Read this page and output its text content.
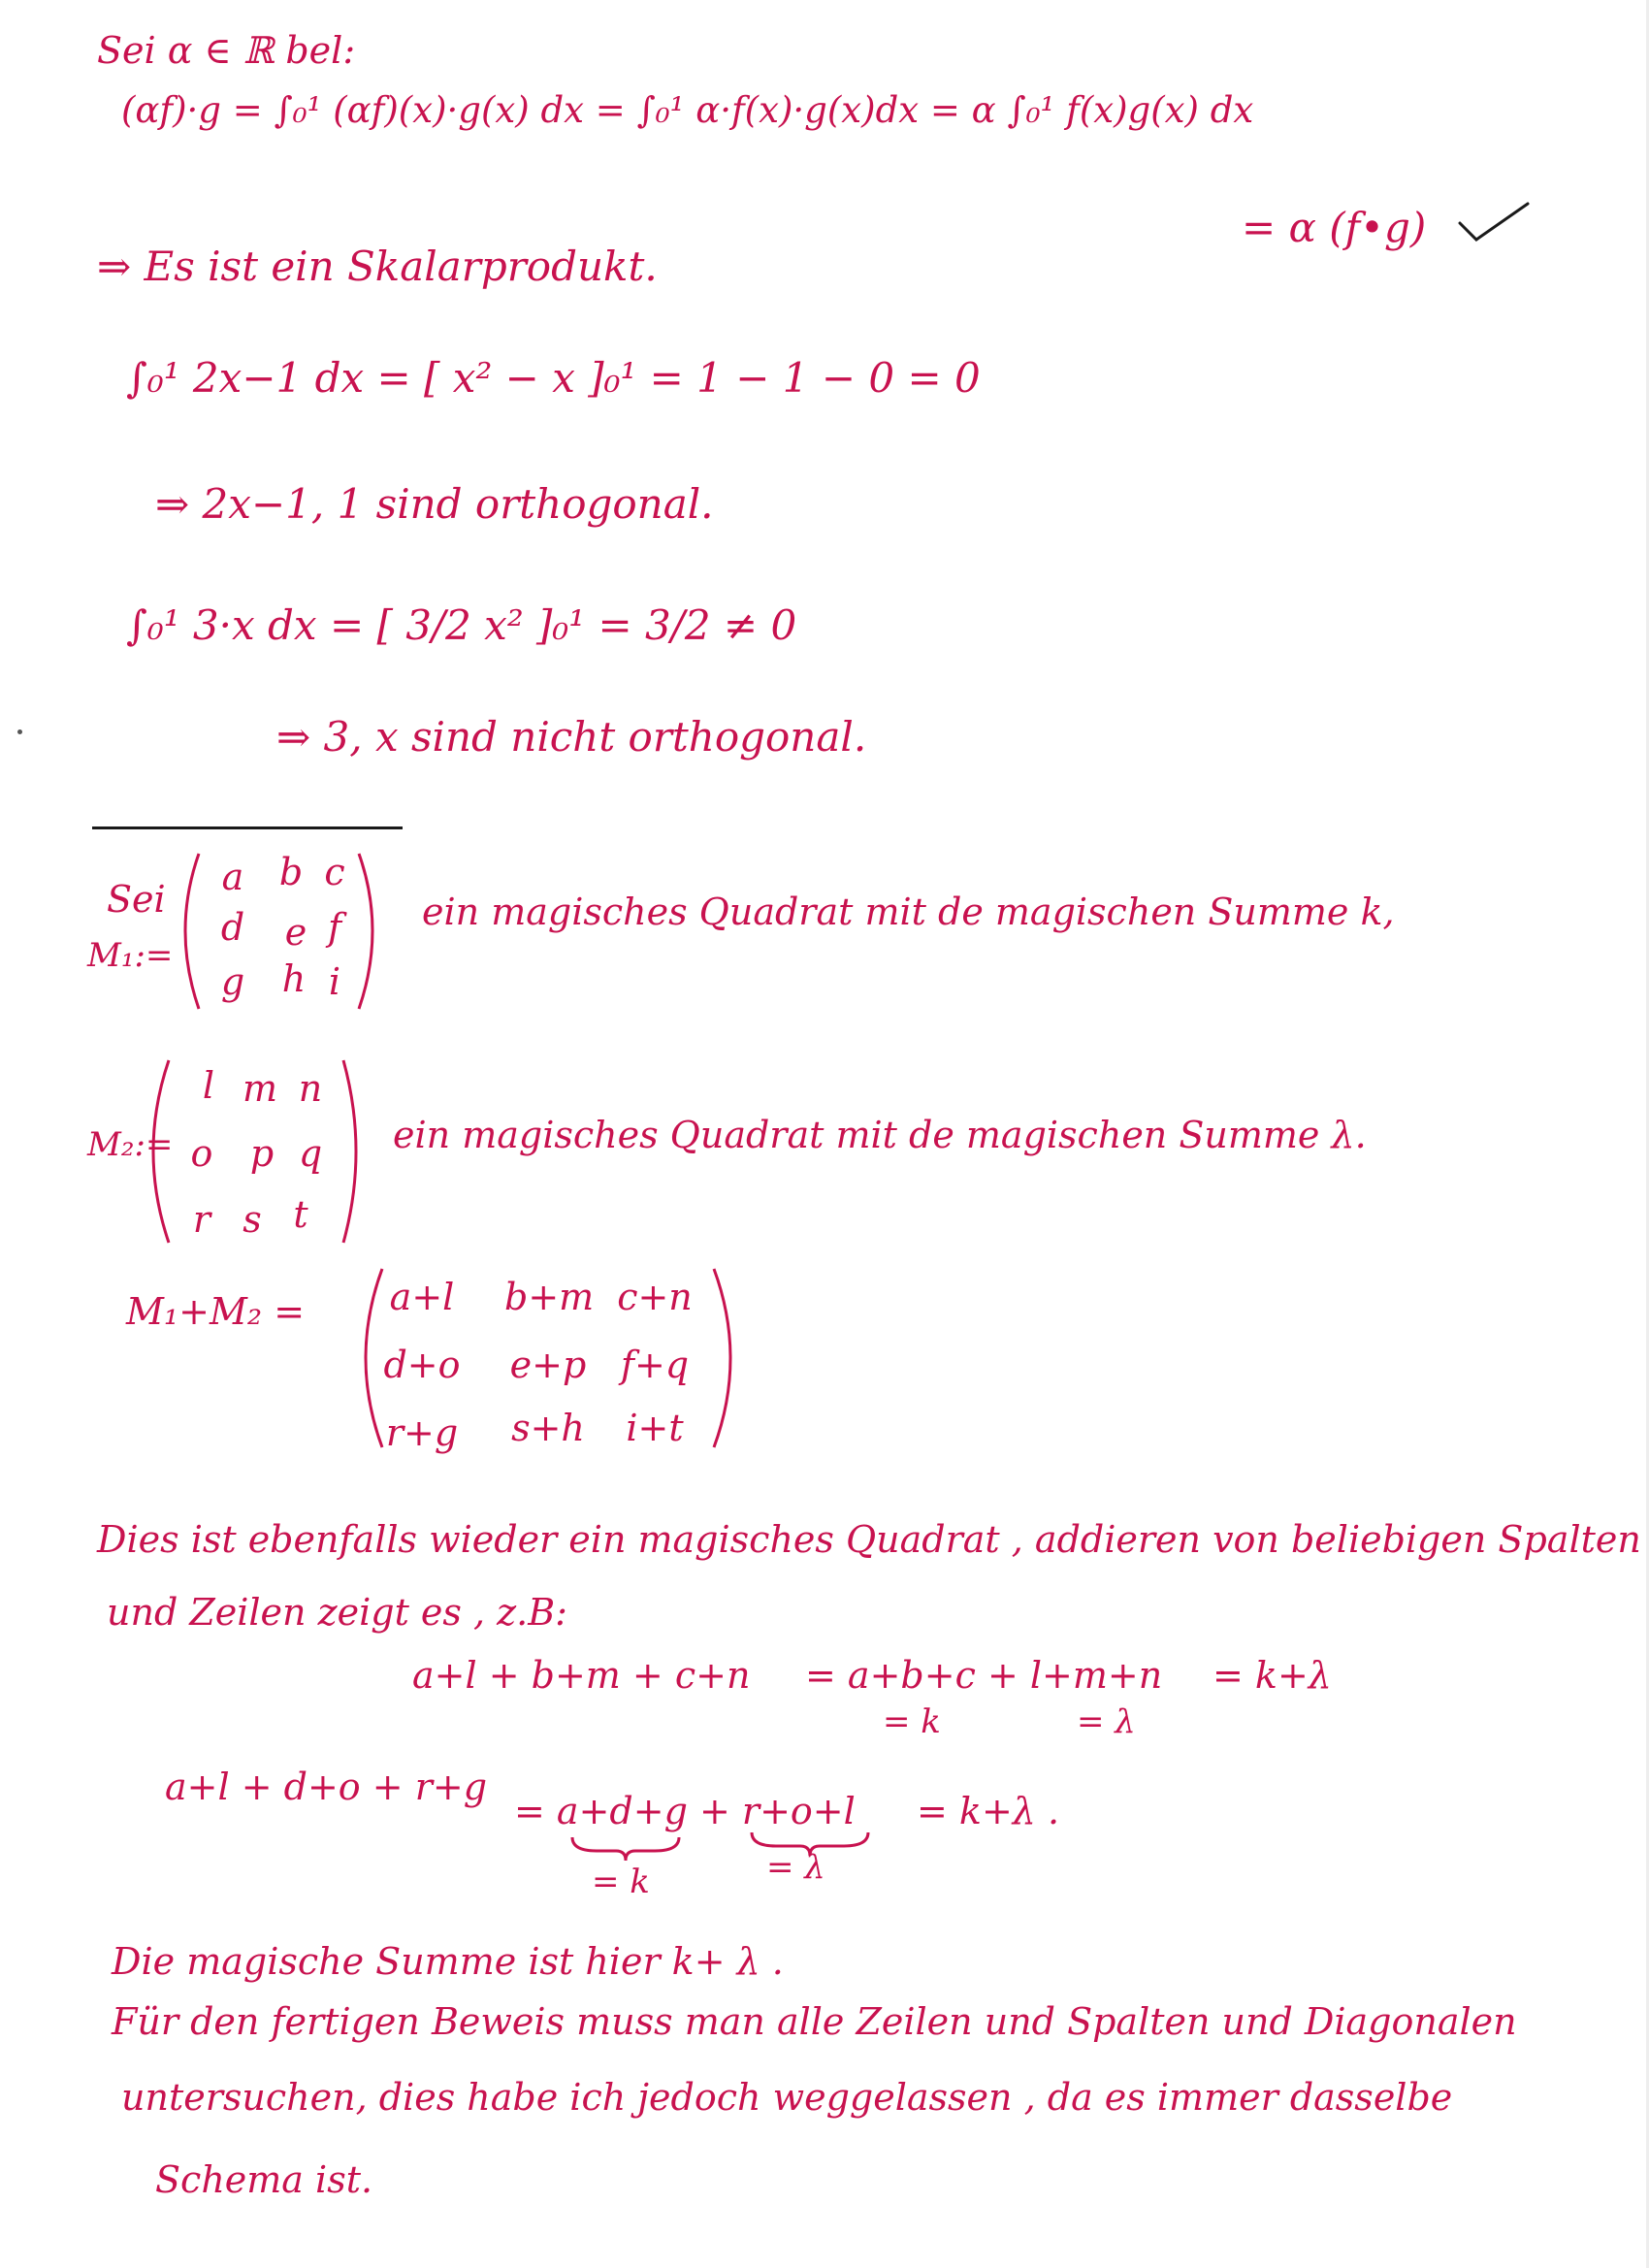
Sei α ∈ ℝ bel:
(αf)·g = ∫₀¹ (αf)(x)·g(x) dx = ∫₀¹ α·f(x)·g(x)dx = α ∫₀¹ f(x)g(x) dx
= α (f•g)
⇒ Es ist ein Skalarprodukt.
∫₀¹ 2x−1 dx = [ x² − x ]₀¹ = 1 − 1 − 0 = 0
⇒ 2x−1, 1 sind orthogonal.
∫₀¹ 3·x dx = [ 3/2 x² ]₀¹ = 3/2 ≠ 0
⇒ 3, x sind nicht orthogonal.
Sei
M₁:=
a b c
d e f
g h i
ein magisches Quadrat mit de magischen Summe k,
M₂:=
l m n
o p q
r s t
ein magisches Quadrat mit de magischen Summe λ.
M₁+M₂ =	a+l	b+m c+n
d+o e+p f+q
r+g s+h	i+t
Dies ist ebenfalls wieder ein magisches Quadrat , addieren von beliebigen Spalten
und Zeilen zeigt es , z.B:
a+l + b+m + c+n = a+b+c + l+m+n = k+λ
= k	= λ
a+l + d+o + r+g
= a+d+g + r+o+l = k+λ .
= k	= λ
Die magische Summe ist hier k+ λ .
Für den fertigen Beweis muss man alle Zeilen und Spalten und Diagonalen
untersuchen, dies habe ich jedoch weggelassen , da es immer dasselbe
Schema ist.
